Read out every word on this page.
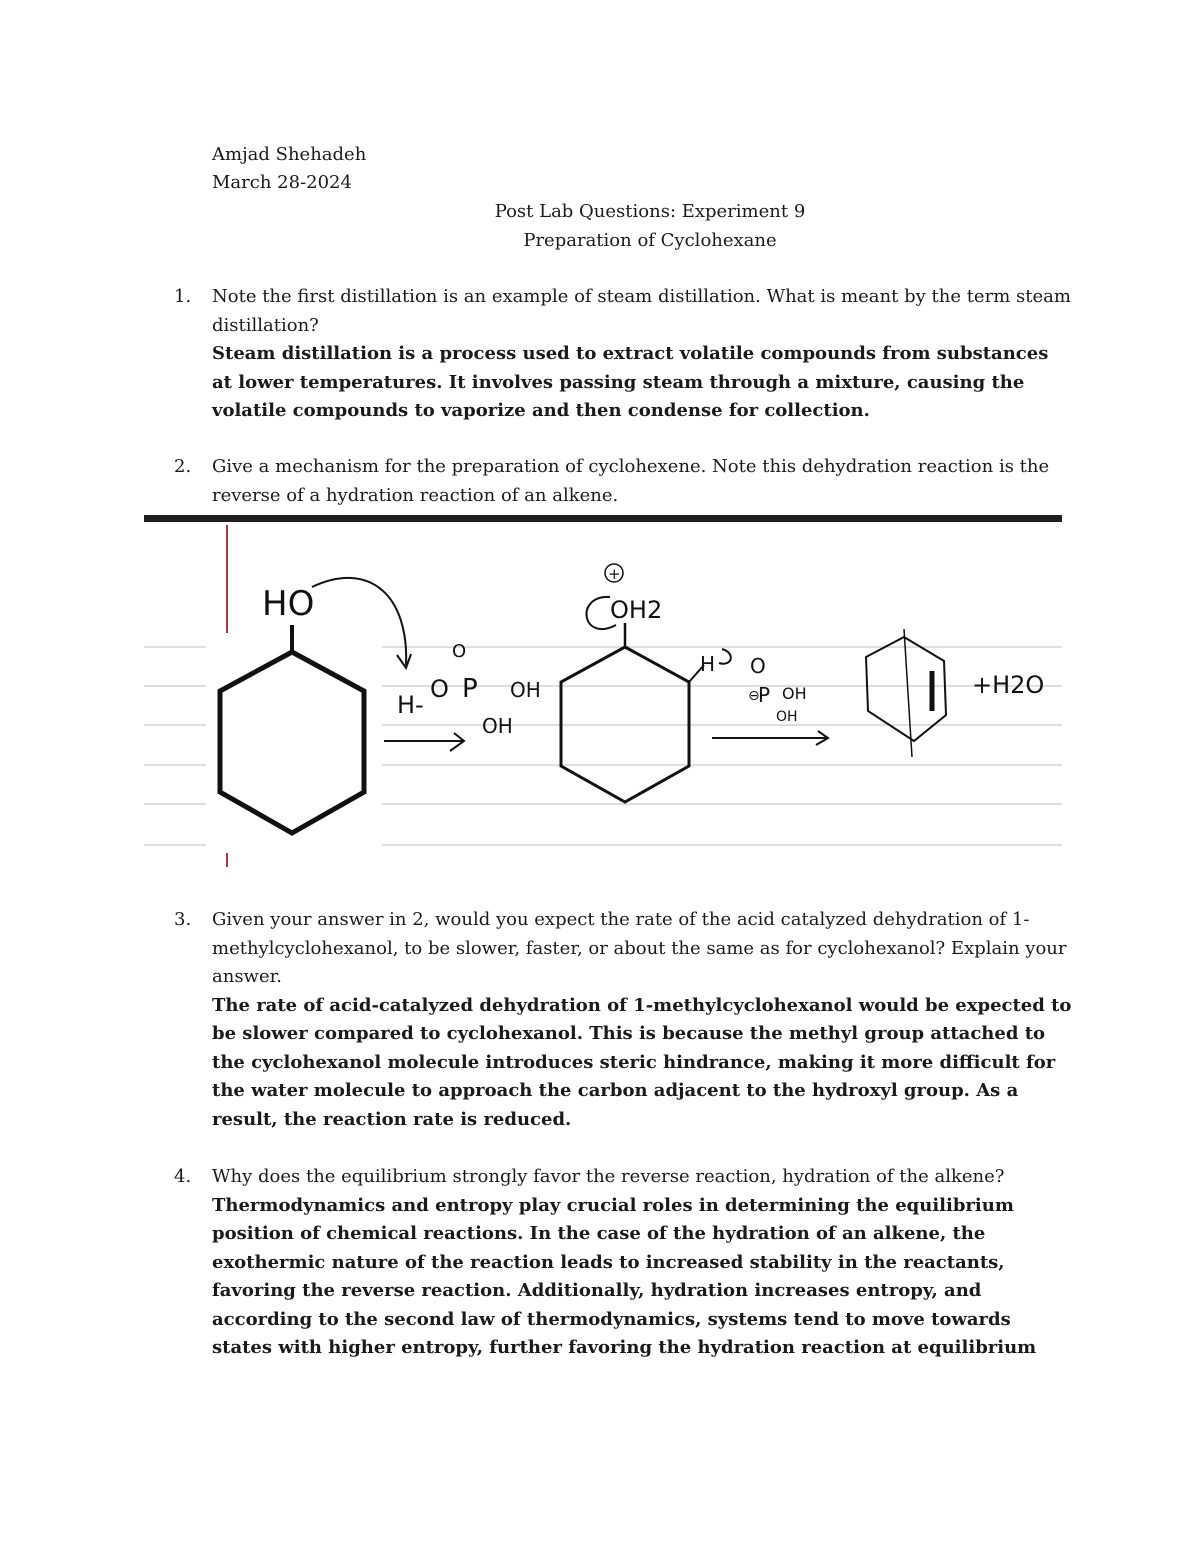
Amjad Shehadeh
March 28-2024
Post Lab Questions: Experiment 9
Preparation of Cyclohexane
1. Note the first distillation is an example of steam distillation. What is meant by the term steam distillation?
Steam distillation is a process used to extract volatile compounds from substances at lower temperatures. It involves passing steam through a mixture, causing the volatile compounds to vaporize and then condense for collection.
2. Give a mechanism for the preparation of cyclohexene. Note this dehydration reaction is the reverse of a hydration reaction of an alkene.
HO
H-
O P
O
OH
OH
OH2
+
H O
⊖
P OH
OH
+H2O
3. Given your answer in 2, would you expect the rate of the acid catalyzed dehydration of 1-methylcyclohexanol, to be slower, faster, or about the same as for cyclohexanol? Explain your answer.
The rate of acid-catalyzed dehydration of 1-methylcyclohexanol would be expected to be slower compared to cyclohexanol. This is because the methyl group attached to the cyclohexanol molecule introduces steric hindrance, making it more difficult for the water molecule to approach the carbon adjacent to the hydroxyl group. As a result, the reaction rate is reduced.
4. Why does the equilibrium strongly favor the reverse reaction, hydration of the alkene?
Thermodynamics and entropy play crucial roles in determining the equilibrium position of chemical reactions. In the case of the hydration of an alkene, the exothermic nature of the reaction leads to increased stability in the reactants, favoring the reverse reaction. Additionally, hydration increases entropy, and according to the second law of thermodynamics, systems tend to move towards states with higher entropy, further favoring the hydration reaction at equilibrium
